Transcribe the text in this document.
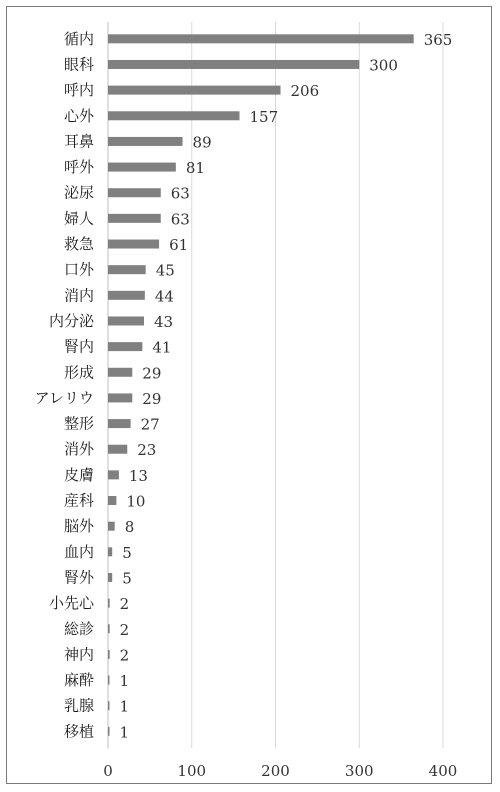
循内	365
眼科	300
呼内	206
心外	157
耳鼻	89
呼外	81
泌尿	63
婦人	63
救急	61
口外	45
消内	44
内分泌	43
腎内	41
形成	29
アレリウ	29
整形	27
消外	23
皮膚 13
産科 10
脳外 8
血内 5
腎外 5
小先心 2
総診 2
神内 2
麻酔 1
乳腺 1
移植 1
0	100	200	300	400
